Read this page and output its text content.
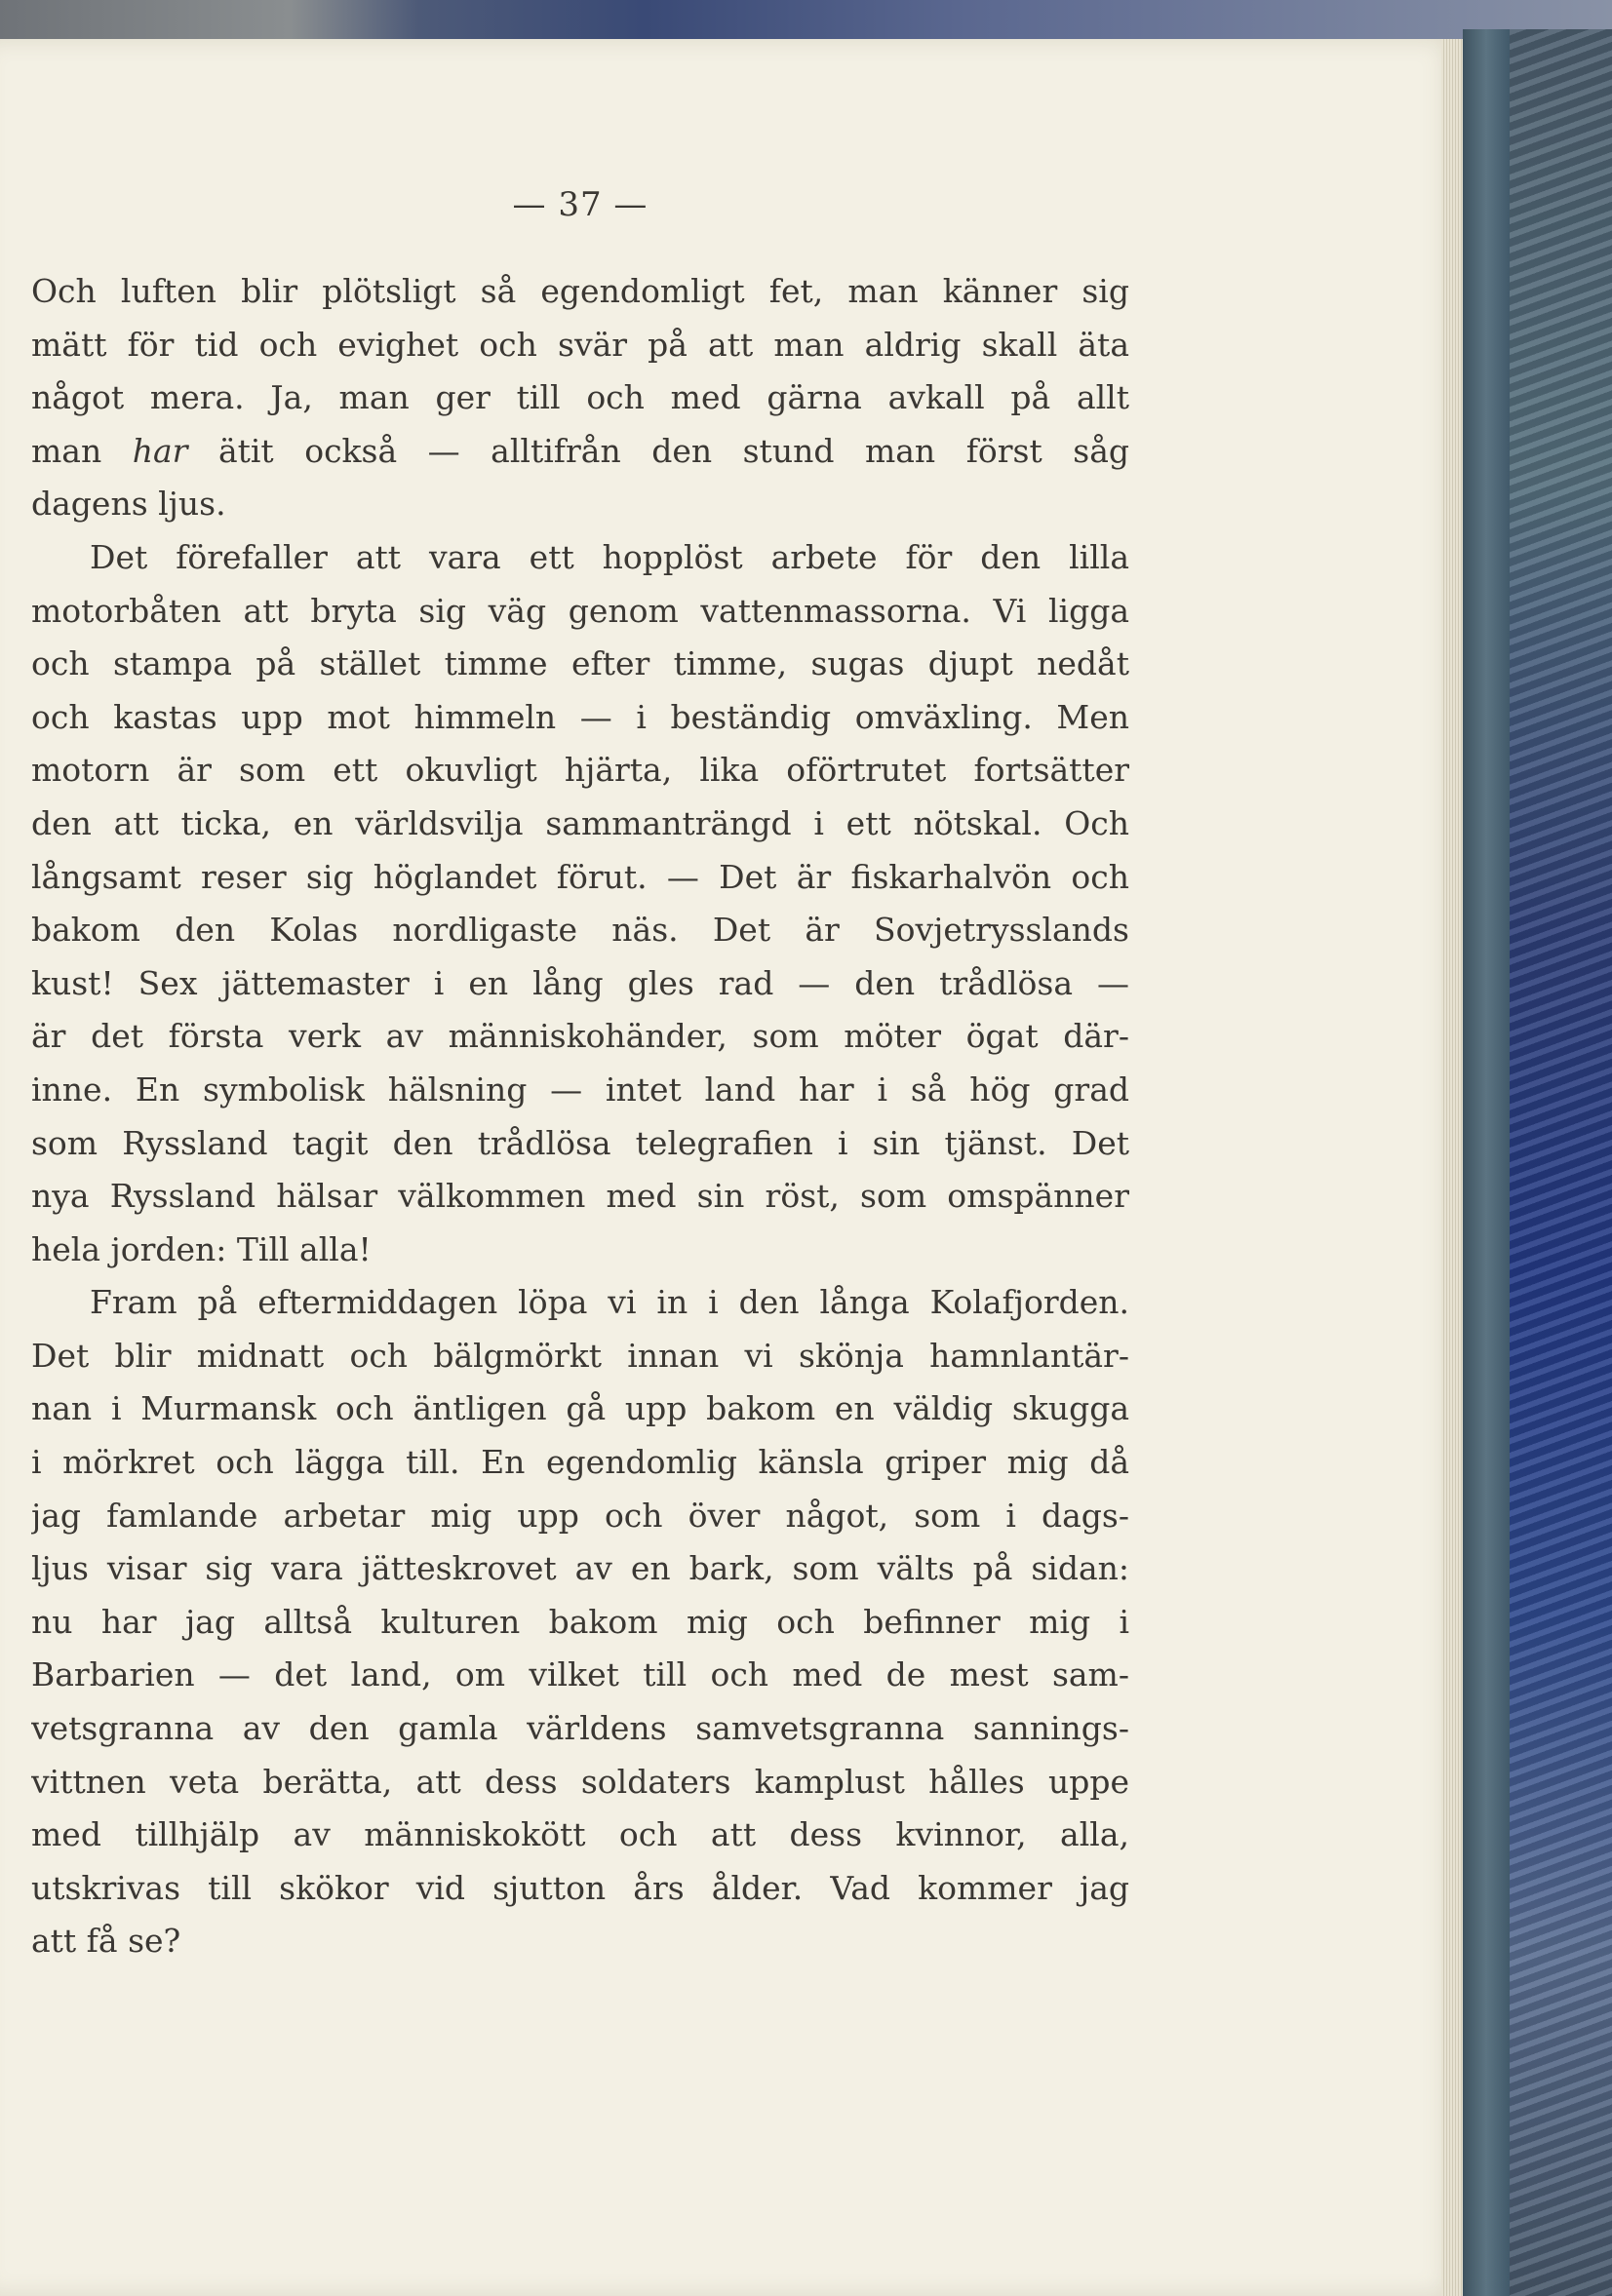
— 37 —
Och luften blir plötsligt så egendomligt fet, man känner sig
mätt för tid och evighet och svär på att man aldrig skall äta
något mera. Ja, man ger till och med gärna avkall på allt
man har ätit också — alltifrån den stund man först såg
dagens ljus.
Det förefaller att vara ett hopplöst arbete för den lilla
motorbåten att bryta sig väg genom vattenmassorna. Vi ligga
och stampa på stället timme efter timme, sugas djupt nedåt
och kastas upp mot himmeln — i beständig omväxling. Men
motorn är som ett okuvligt hjärta, lika oförtrutet fortsätter
den att ticka, en världsvilja sammanträngd i ett nötskal. Och
långsamt reser sig höglandet förut. — Det är fiskarhalvön och
bakom den Kolas nordligaste näs. Det är Sovjetrysslands
kust! Sex jättemaster i en lång gles rad — den trådlösa —
är det första verk av människohänder, som möter ögat där-
inne. En symbolisk hälsning — intet land har i så hög grad
som Ryssland tagit den trådlösa telegrafien i sin tjänst. Det
nya Ryssland hälsar välkommen med sin röst, som omspänner
hela jorden: Till alla!
Fram på eftermiddagen löpa vi in i den långa Kolafjorden.
Det blir midnatt och bälgmörkt innan vi skönja hamnlantär-
nan i Murmansk och äntligen gå upp bakom en väldig skugga
i mörkret och lägga till. En egendomlig känsla griper mig då
jag famlande arbetar mig upp och över något, som i dags-
ljus visar sig vara jätteskrovet av en bark, som välts på sidan:
nu har jag alltså kulturen bakom mig och befinner mig i
Barbarien — det land, om vilket till och med de mest sam-
vetsgranna av den gamla världens samvetsgranna sannings-
vittnen veta berätta, att dess soldaters kamplust hålles uppe
med tillhjälp av människokött och att dess kvinnor, alla,
utskrivas till skökor vid sjutton års ålder. Vad kommer jag
att få se?
